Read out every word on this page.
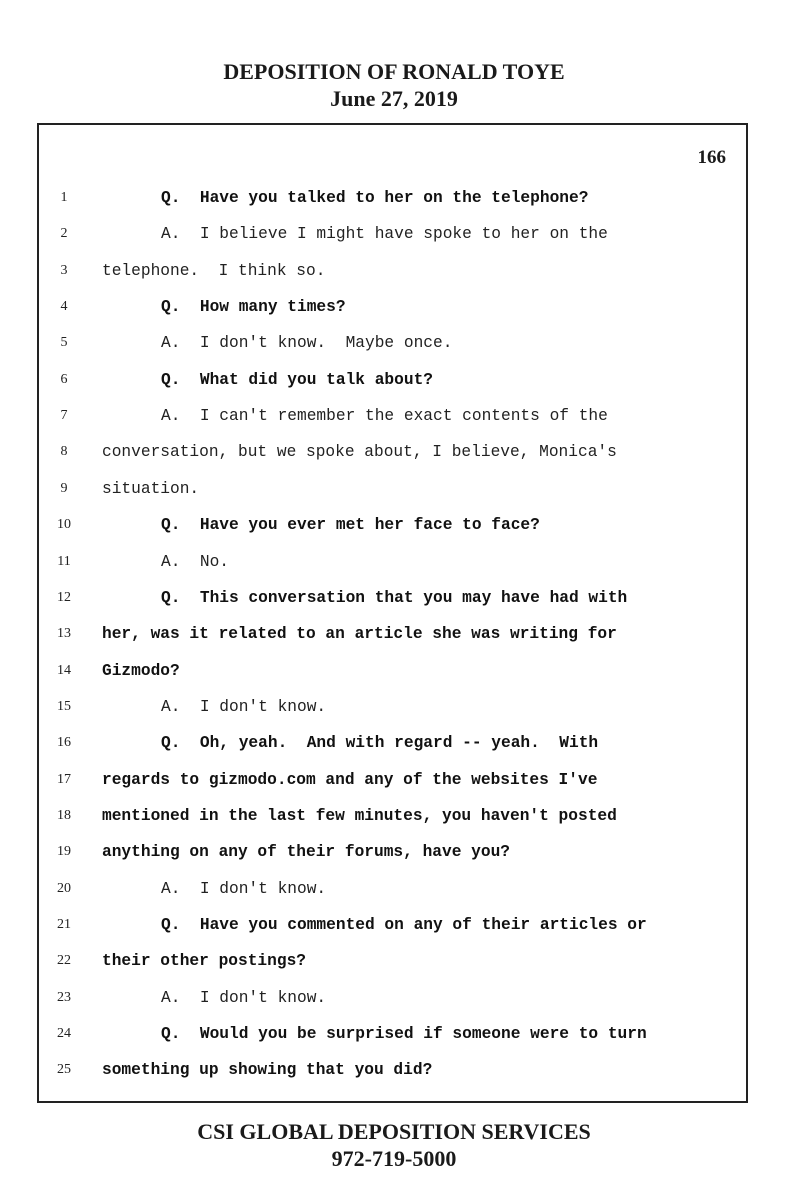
DEPOSITION OF RONALD TOYE
June 27, 2019
166
1	Q.  Have you talked to her on the telephone?
2	A.  I believe I might have spoke to her on the
3	telephone.  I think so.
4	Q.  How many times?
5	A.  I don't know.  Maybe once.
6	Q.  What did you talk about?
7	A.  I can't remember the exact contents of the
8	conversation, but we spoke about, I believe, Monica's
9	situation.
10	Q.  Have you ever met her face to face?
11	A.  No.
12	Q.  This conversation that you may have had with
13	her, was it related to an article she was writing for
14	Gizmodo?
15	A.  I don't know.
16	Q.  Oh, yeah.  And with regard -- yeah.  With
17	regards to gizmodo.com and any of the websites I've
18	mentioned in the last few minutes, you haven't posted
19	anything on any of their forums, have you?
20	A.  I don't know.
21	Q.  Have you commented on any of their articles or
22	their other postings?
23	A.  I don't know.
24	Q.  Would you be surprised if someone were to turn
25	something up showing that you did?
CSI GLOBAL DEPOSITION SERVICES
972-719-5000
